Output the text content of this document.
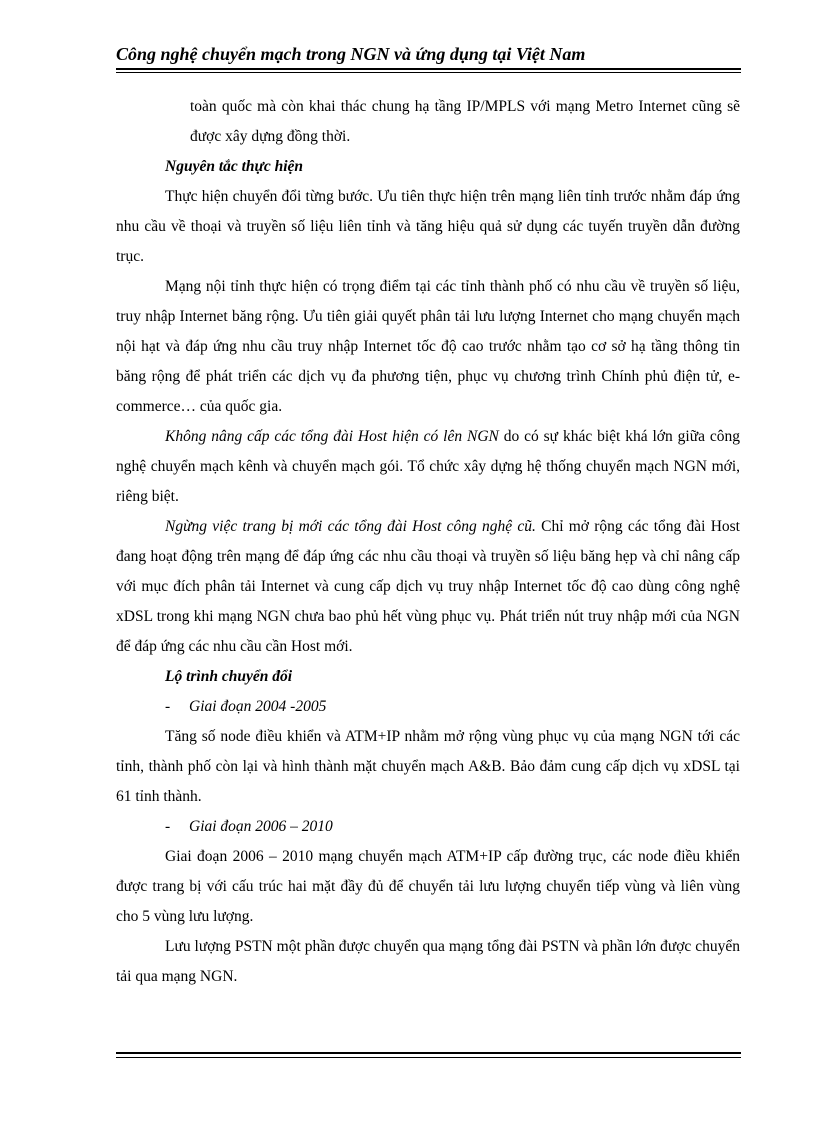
Công nghệ chuyển mạch trong NGN và ứng dụng tại Việt Nam

toàn quốc mà còn khai thác chung hạ tầng IP/MPLS với mạng Metro Internet cũng sẽ được xây dựng đồng thời.

Nguyên tắc thực hiện

Thực hiện chuyển đổi từng bước. Ưu tiên thực hiện trên mạng liên tỉnh trước nhằm đáp ứng nhu cầu về thoại và truyền số liệu liên tỉnh và tăng hiệu quả sử dụng các tuyến truyền dẫn đường trục.

Mạng nội tỉnh thực hiện có trọng điểm tại các tỉnh thành phố có nhu cầu về truyền số liệu, truy nhập Internet băng rộng. Ưu tiên giải quyết phân tải lưu lượng Internet cho mạng chuyển mạch nội hạt và đáp ứng nhu cầu truy nhập Internet tốc độ cao trước nhằm tạo cơ sở hạ tầng thông tin băng rộng để phát triển các dịch vụ đa phương tiện, phục vụ chương trình Chính phủ điện tử, e-commerce… của quốc gia.

Không nâng cấp các tổng đài Host hiện có lên NGN do có sự khác biệt khá lớn giữa công nghệ chuyển mạch kênh và chuyển mạch gói. Tổ chức xây dựng hệ thống chuyển mạch NGN mới, riêng biệt.

Ngừng việc trang bị mới các tổng đài Host công nghệ cũ. Chỉ mở rộng các tổng đài Host đang hoạt động trên mạng để đáp ứng các nhu cầu thoại và truyền số liệu băng hẹp và chỉ nâng cấp với mục đích phân tải Internet và cung cấp dịch vụ truy nhập Internet tốc độ cao dùng công nghệ xDSL trong khi mạng NGN chưa bao phủ hết vùng phục vụ. Phát triển nút truy nhập mới của NGN để đáp ứng các nhu cầu cần Host mới.

Lộ trình chuyển đổi

- Giai đoạn 2004 -2005

Tăng số node điều khiển và ATM+IP nhằm mở rộng vùng phục vụ của mạng NGN tới các tỉnh, thành phố còn lại và hình thành mặt chuyển mạch A&B. Bảo đảm cung cấp dịch vụ xDSL tại 61 tỉnh thành.

- Giai đoạn 2006 – 2010

Giai đoạn 2006 – 2010 mạng chuyển mạch ATM+IP cấp đường trục, các node điều khiển được trang bị với cấu trúc hai mặt đầy đủ để chuyển tải lưu lượng chuyển tiếp vùng và liên vùng cho 5 vùng lưu lượng.

Lưu lượng PSTN một phần được chuyển qua mạng tổng đài PSTN và phần lớn được chuyển tải qua mạng NGN.
